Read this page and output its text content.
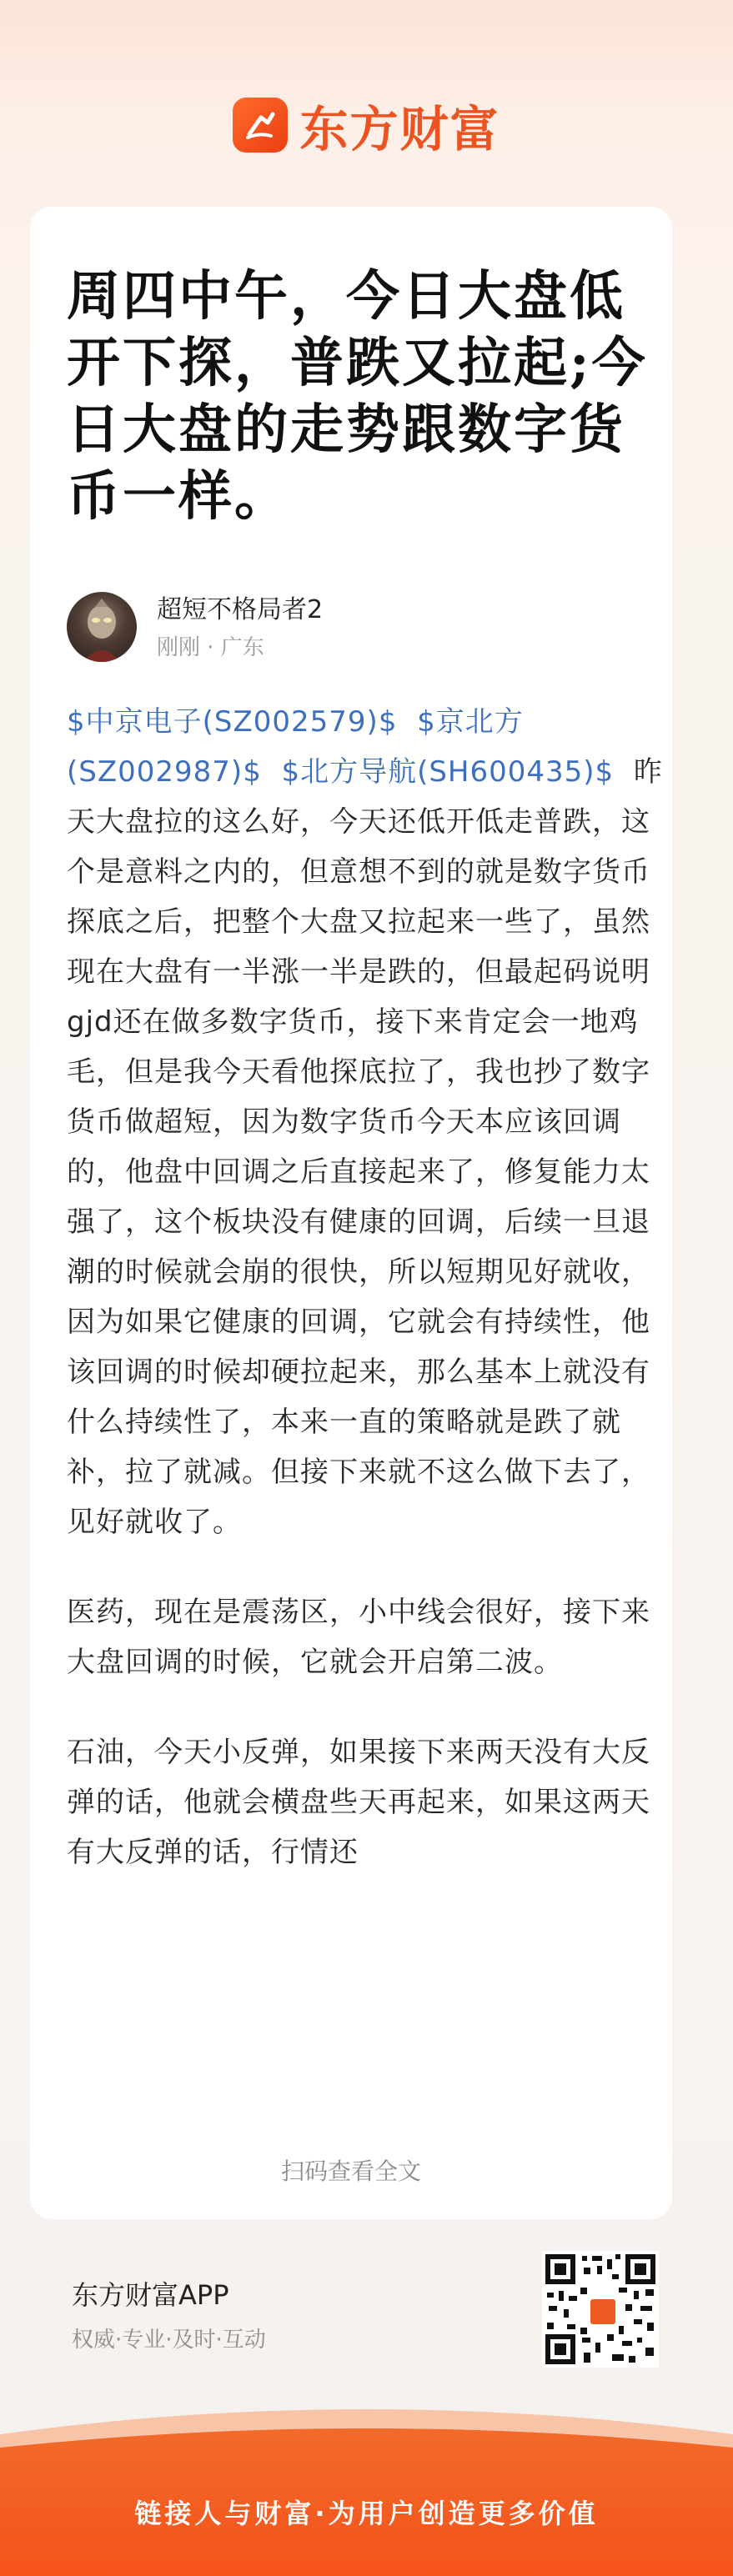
东方财富
周四中午，今日大盘低开下探，普跌又拉起;今日大盘的走势跟数字货币一样。
超短不格局者2
刚刚 · 广东

$中京电子(SZ002579)$ $京北方(SZ002987)$ $北方导航(SH600435)$ 昨天大盘拉的这么好，今天还低开低走普跌，这个是意料之内的，但意想不到的就是数字货币探底之后，把整个大盘又拉起来一些了，虽然现在大盘有一半涨一半是跌的，但最起码说明gjd还在做多数字货币，接下来肯定会一地鸡毛，但是我今天看他探底拉了，我也抄了数字货币做超短，因为数字货币今天本应该回调的，他盘中回调之后直接起来了，修复能力太强了，这个板块没有健康的回调，后续一旦退潮的时候就会崩的很快，所以短期见好就收，因为如果它健康的回调，它就会有持续性，他该回调的时候却硬拉起来，那么基本上就没有什么持续性了，本来一直的策略就是跌了就补，拉了就减。但接下来就不这么做下去了，见好就收了。

医药，现在是震荡区，小中线会很好，接下来大盘回调的时候，它就会开启第二波。

石油，今天小反弹，如果接下来两天没有大反弹的话，他就会横盘些天再起来，如果这两天有大反弹的话，行情还

扫码查看全文
东方财富APP
权威·专业·及时·互动
链接人与财富·为用户创造更多价值
